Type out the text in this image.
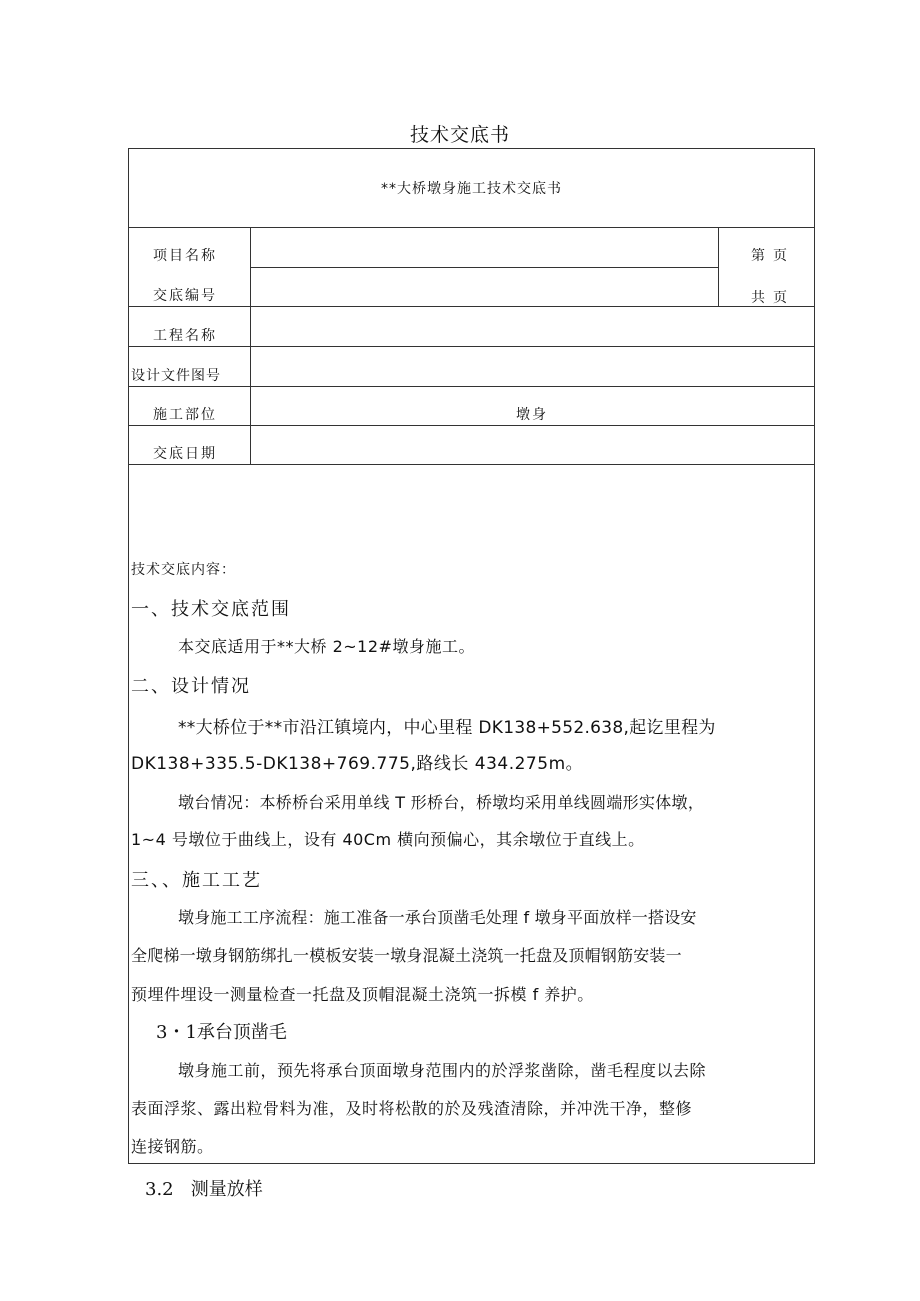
技术交底书
**大桥墩身施工技术交底书
项目名称
交底编号
第页
共页
工程名称
设计文件图号
施工部位	墩身
交底日期
技术交底内容：
一、技术交底范围
本交底适用于**大桥 2~12#墩身施工。
二、设计情况
**大桥位于**市沿江镇境内，中心里程 DK138+552.638,起讫里程为
DK138+335.5-DK138+769.775,路线长 434.275m。
墩台情况：本桥桥台采用单线 T 形桥台，桥墩均采用单线圆端形实体墩，
1~4 号墩位于曲线上，设有 40Cm 横向预偏心，其余墩位于直线上。
三、、施工工艺
墩身施工工序流程：施工准备一承台顶凿毛处理 f 墩身平面放样一搭设安
全爬梯一墩身钢筋绑扎一模板安装一墩身混凝土浇筑一托盘及顶帽钢筋安装一
预埋件埋设一测量检查一托盘及顶帽混凝土浇筑一拆模 f 养护。
3・1承台顶凿毛
墩身施工前，预先将承台顶面墩身范围内的於浮浆凿除，凿毛程度以去除
表面浮浆、露出粒骨料为准，及时将松散的於及残渣清除，并冲洗干净，整修
连接钢筋。
3.2   测量放样
